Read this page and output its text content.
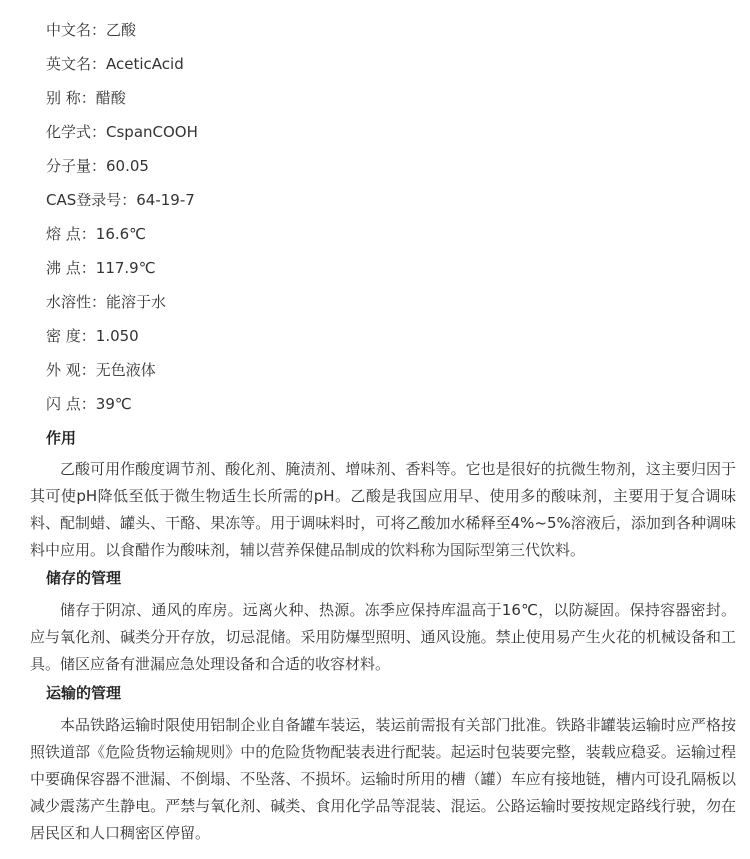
中文名：乙酸
英文名：AceticAcid
别 称：醋酸
化学式：CspanCOOH
分子量：60.05
CAS登录号：64-19-7
熔 点：16.6℃
沸 点：117.9℃
水溶性：能溶于水
密 度：1.050
外 观：无色液体
闪 点：39℃
作用

乙酸可用作酸度调节剂、酸化剂、腌渍剂、增味剂、香料等。它也是很好的抗微生物剂，这主要归因于其可使pH降低至低于微生物适生长所需的pH。乙酸是我国应用早、使用多的酸味剂，主要用于复合调味料、配制蜡、罐头、干酪、果冻等。用于调味料时，可将乙酸加水稀释至4%~5%溶液后，添加到各种调味料中应用。以食醋作为酸味剂，辅以营养保健品制成的饮料称为国际型第三代饮料。

储存的管理

储存于阴凉、通风的库房。远离火种、热源。冻季应保持库温高于16℃，以防凝固。保持容器密封。应与氧化剂、碱类分开存放，切忌混储。采用防爆型照明、通风设施。禁止使用易产生火花的机械设备和工具。储区应备有泄漏应急处理设备和合适的收容材料。

运输的管理

本品铁路运输时限使用铝制企业自备罐车装运，装运前需报有关部门批准。铁路非罐装运输时应严格按照铁道部《危险货物运输规则》中的危险货物配装表进行配装。起运时包装要完整，装载应稳妥。运输过程中要确保容器不泄漏、不倒塌、不坠落、不损坏。运输时所用的槽（罐）车应有接地链，槽内可设孔隔板以减少震荡产生静电。严禁与氧化剂、碱类、食用化学品等混装、混运。公路运输时要按规定路线行驶，勿在居民区和人口稠密区停留。
